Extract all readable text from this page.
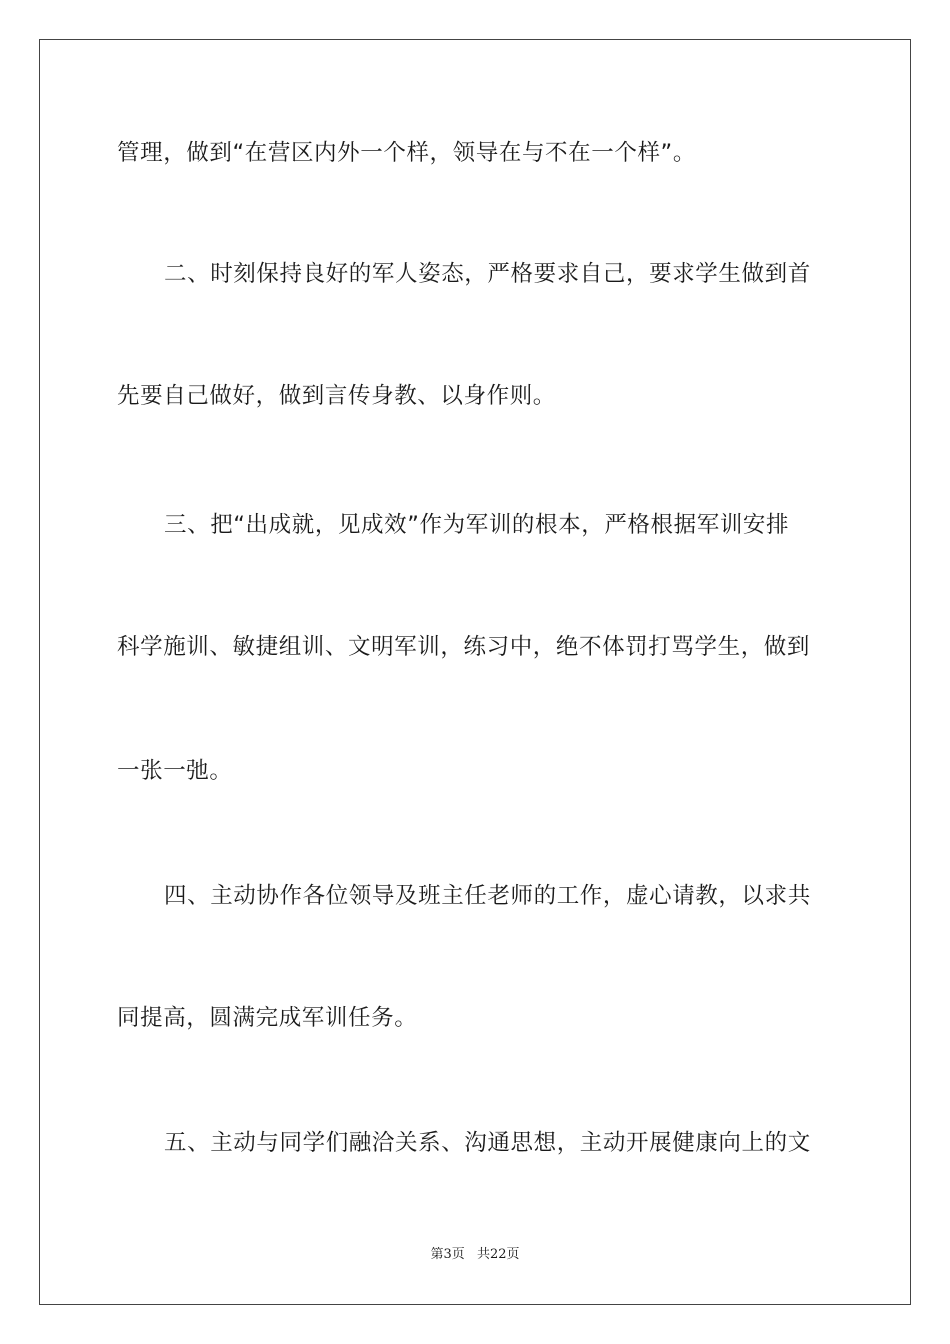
管理，做到“在营区内外一个样，领导在与不在一个样”。
二、时刻保持良好的军人姿态，严格要求自己，要求学生做到首
先要自己做好，做到言传身教、以身作则。
三、把“出成就，见成效”作为军训的根本，严格根据军训安排
科学施训、敏捷组训、文明军训，练习中，绝不体罚打骂学生，做到
一张一弛。
四、主动协作各位领导及班主任老师的工作，虚心请教，以求共
同提高，圆满完成军训任务。
五、主动与同学们融洽关系、沟通思想，主动开展健康向上的文
第3页 共22页
